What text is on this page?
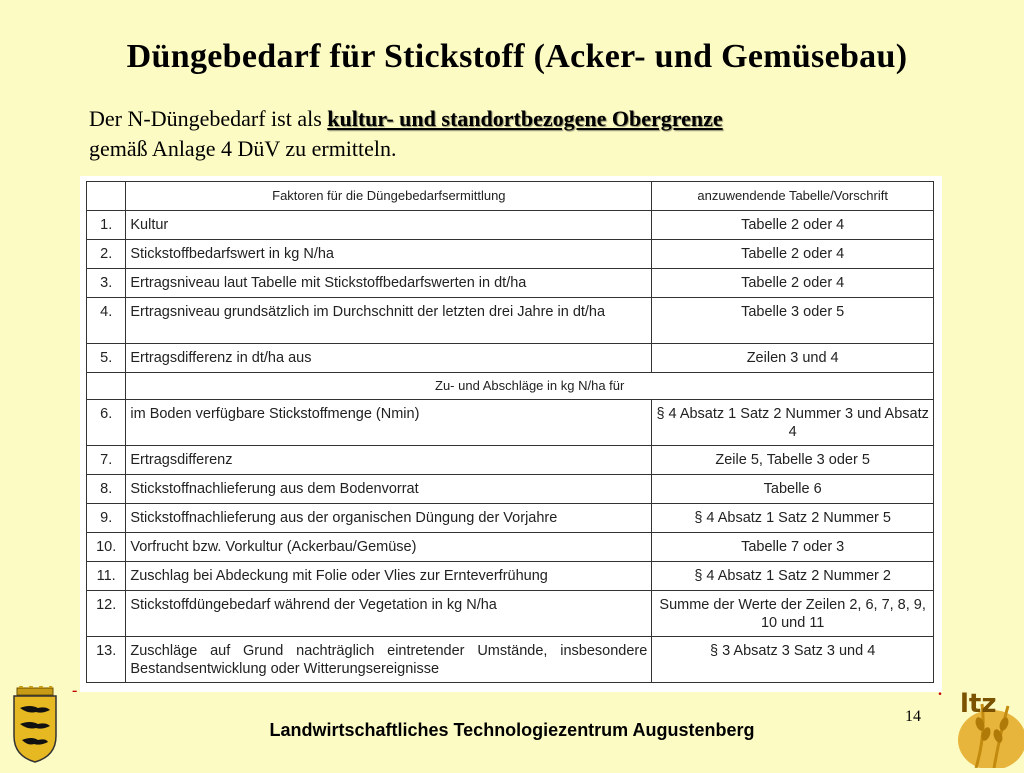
Düngebedarf für Stickstoff (Acker- und Gemüsebau)
Der N-Düngebedarf ist als kultur- und standortbezogene Obergrenze
gemäß Anlage 4 DüV zu ermitteln.
-
	Faktoren für die Düngebedarfsermittlung	anzuwendende Tabelle/Vorschrift
1.	Kultur	Tabelle 2 oder 4
2.	Stickstoffbedarfswert in kg N/ha	Tabelle 2 oder 4
3.	Ertragsniveau laut Tabelle mit Stickstoffbedarfswerten in dt/ha	Tabelle 2 oder 4
4.	Ertragsniveau grundsätzlich im Durchschnitt der letzten drei Jahre in dt/ha	Tabelle 3 oder 5
5.	Ertragsdifferenz in dt/ha aus	Zeilen 3 und 4
	Zu- und Abschläge in kg N/ha für	
6.	im Boden verfügbare Stickstoffmenge (Nmin)	§ 4 Absatz 1 Satz 2 Nummer 3 und Absatz 4
7.	Ertragsdifferenz	Zeile 5, Tabelle 3 oder 5
8.	Stickstoffnachlieferung aus dem Bodenvorrat	Tabelle 6
9.	Stickstoffnachlieferung aus der organischen Düngung der Vorjahre	§ 4 Absatz 1 Satz 2 Nummer 5
10.	Vorfrucht bzw. Vorkultur (Ackerbau/Gemüse)	Tabelle 7 oder 3
11.	Zuschlag bei Abdeckung mit Folie oder Vlies zur Ernteverfrühung	§ 4 Absatz 1 Satz 2 Nummer 2
12.	Stickstoffdüngebedarf während der Vegetation in kg N/ha	Summe der Werte der Zeilen 2, 6, 7, 8, 9, 10 und 11
13.	Zuschläge auf Grund nachträglich eintretender Umstände, insbesondere Bestandsentwicklung oder Witterungsereignisse	§ 3 Absatz 3 Satz 3 und 4
Landwirtschaftliches Technologiezentrum Augustenberg
14 ltz
